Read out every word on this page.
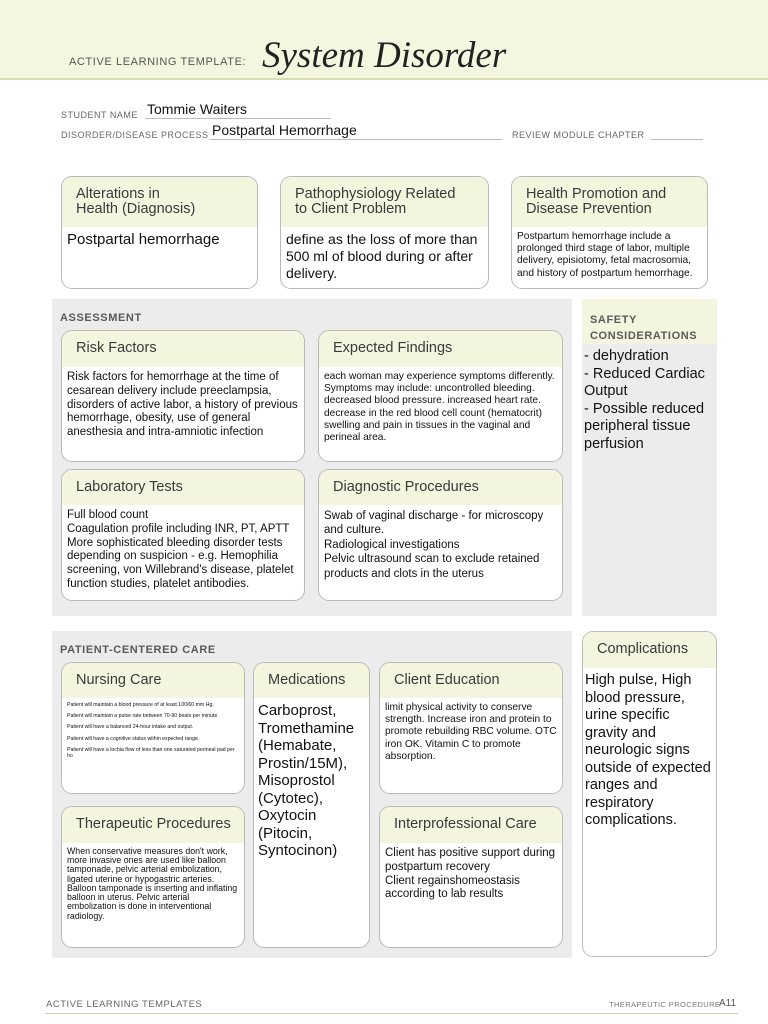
ACTIVE LEARNING TEMPLATE: System Disorder
STUDENT NAME Tommie Waiters
DISORDER/DISEASE PROCESS Postpartal Hemorrhage	REVIEW MODULE CHAPTER
Alterations in
Health (Diagnosis)
Postpartal hemorrhage
Pathophysiology Related
to Client Problem
define as the loss of more than 500 ml of blood during or after delivery.
Health Promotion and
Disease Prevention
Postpartum hemorrhage include a prolonged third stage of labor, multiple delivery, episiotomy, fetal macrosomia, and history of postpartum hemorrhage.
ASSESSMENT
Risk Factors
Risk factors for hemorrhage at the time of cesarean delivery include preeclampsia, disorders of active labor, a history of previous hemorrhage, obesity, use of general anesthesia and intra-amniotic infection
Expected Findings
each woman may experience symptoms differently. Symptoms may include: uncontrolled bleeding. decreased blood pressure. increased heart rate. decrease in the red blood cell count (hematocrit) swelling and pain in tissues in the vaginal and perineal area.
Laboratory Tests
Full blood count
Coagulation profile including INR, PT, APTT
More sophisticated bleeding disorder tests depending on suspicion - e.g. Hemophilia screening, von Willebrand's disease, platelet function studies, platelet antibodies.
Diagnostic Procedures
Swab of vaginal discharge - for microscopy and culture.
Radiological investigations
Pelvic ultrasound scan to exclude retained products and clots in the uterus
SAFETY
CONSIDERATIONS
- dehydration
- Reduced Cardiac Output
- Possible reduced peripheral tissue perfusion
PATIENT-CENTERED CARE
Nursing Care
Patient will maintain a blood pressure of at least 100/60 mm Hg.
Patient will maintain a pulse rate between 70-90 beats per minute
Patient will have a balanced 24-hour intake and output.
Patient will have a cognitive status within expected range.
Patient will have a lochia flow of less than one saturated perineal pad per ho
Medications
Carboprost, Tromethamine (Hemabate, Prostin/15M), Misoprostol (Cytotec), Oxytocin (Pitocin, Syntocinon)
Client Education
limit physical activity to conserve strength. Increase iron and protein to promote rebuilding RBC volume. OTC iron OK. Vitamin C to promote absorption.
Therapeutic Procedures
When conservative measures don't work, more invasive ones are used like balloon tamponade, pelvic arterial embolization, ligated uterine or hypogastric arteries. Balloon tamponade is inserting and inflating balloon in uterus. Pelvic arterial embolization is done in interventional radiology.
Interprofessional Care
Client has positive support during postpartum recovery
Client regainshomeostasis according to lab results
Complications
High pulse, High blood pressure, urine specific gravity and neurologic signs outside of expected ranges and respiratory complications.
ACTIVE LEARNING TEMPLATES	THERAPEUTIC PROCEDURE
A11
